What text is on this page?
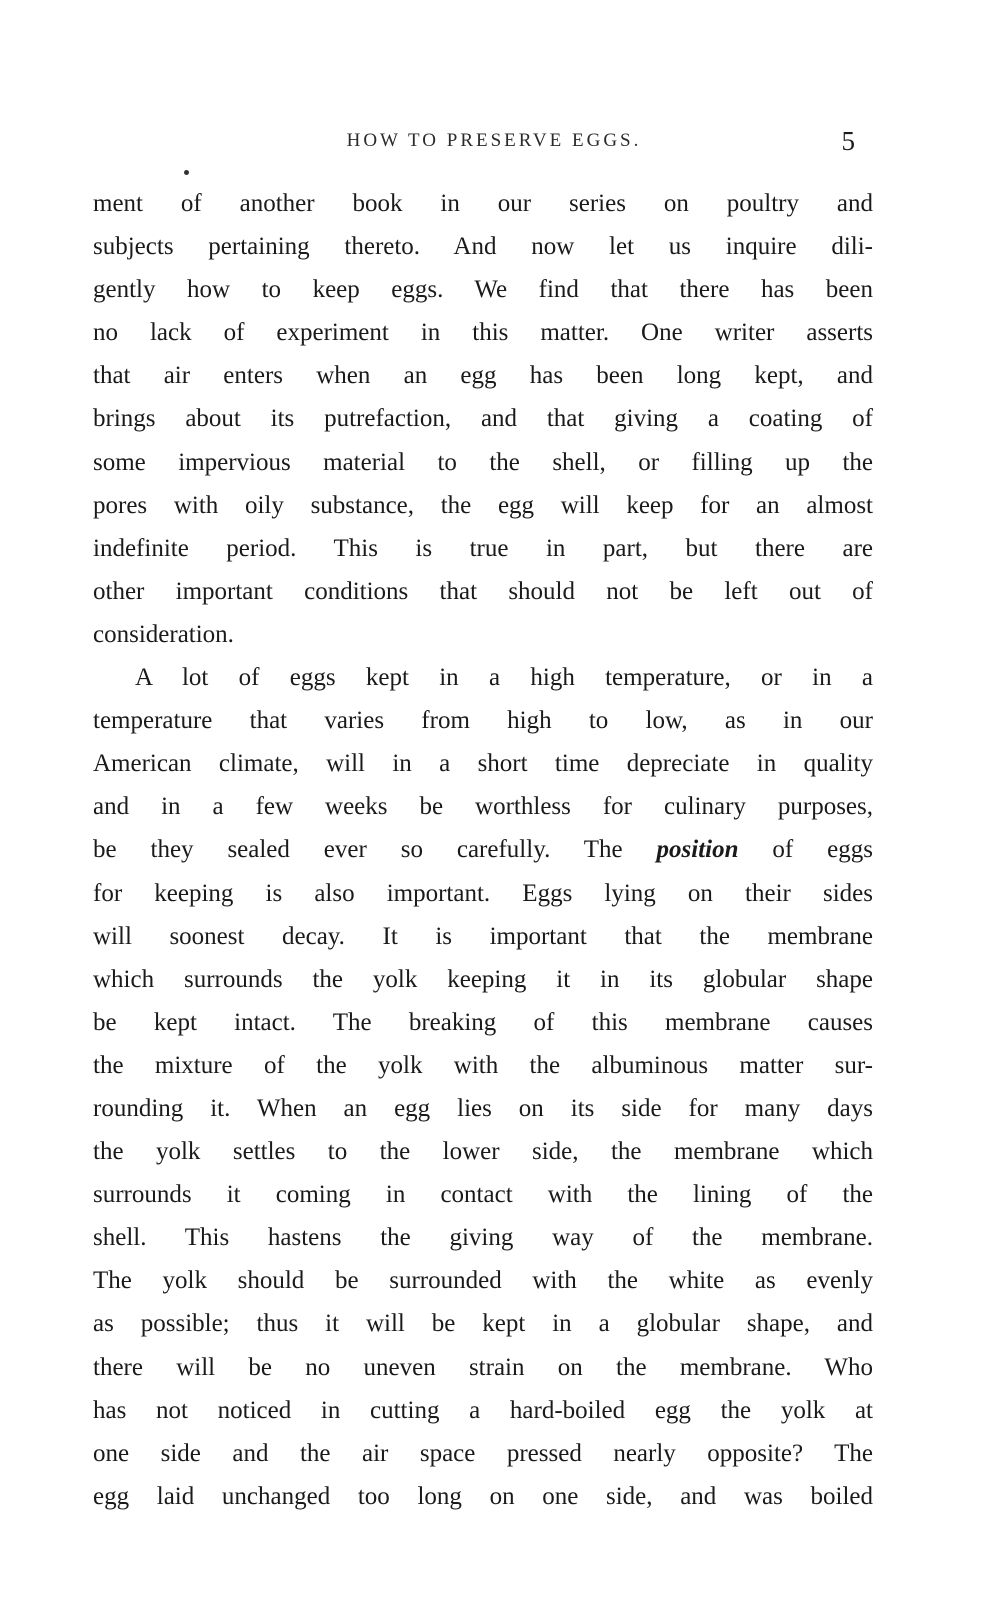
HOW TO PRESERVE EGGS.	5
ment of another book in our series on poultry and
subjects pertaining thereto. And now let us inquire dili-
gently how to keep eggs. We find that there has been
no lack of experiment in this matter. One writer asserts
that air enters when an egg has been long kept, and
brings about its putrefaction, and that giving a coating of
some impervious material to the shell, or filling up the
pores with oily substance, the egg will keep for an almost
indefinite period. This is true in part, but there are
other important conditions that should not be left out of
consideration.
A lot of eggs kept in a high temperature, or in a
temperature that varies from high to low, as in our
American climate, will in a short time depreciate in quality
and in a few weeks be worthless for culinary purposes,
be they sealed ever so carefully. The position of eggs
for keeping is also important. Eggs lying on their sides
will soonest decay. It is important that the membrane
which surrounds the yolk keeping it in its globular shape
be kept intact. The breaking of this membrane causes
the mixture of the yolk with the albuminous matter sur-
rounding it. When an egg lies on its side for many days
the yolk settles to the lower side, the membrane which
surrounds it coming in contact with the lining of the
shell. This hastens the giving way of the membrane.
The yolk should be surrounded with the white as evenly
as possible; thus it will be kept in a globular shape, and
there will be no uneven strain on the membrane. Who
has not noticed in cutting a hard-boiled egg the yolk at
one side and the air space pressed nearly opposite? The
egg laid unchanged too long on one side, and was boiled
